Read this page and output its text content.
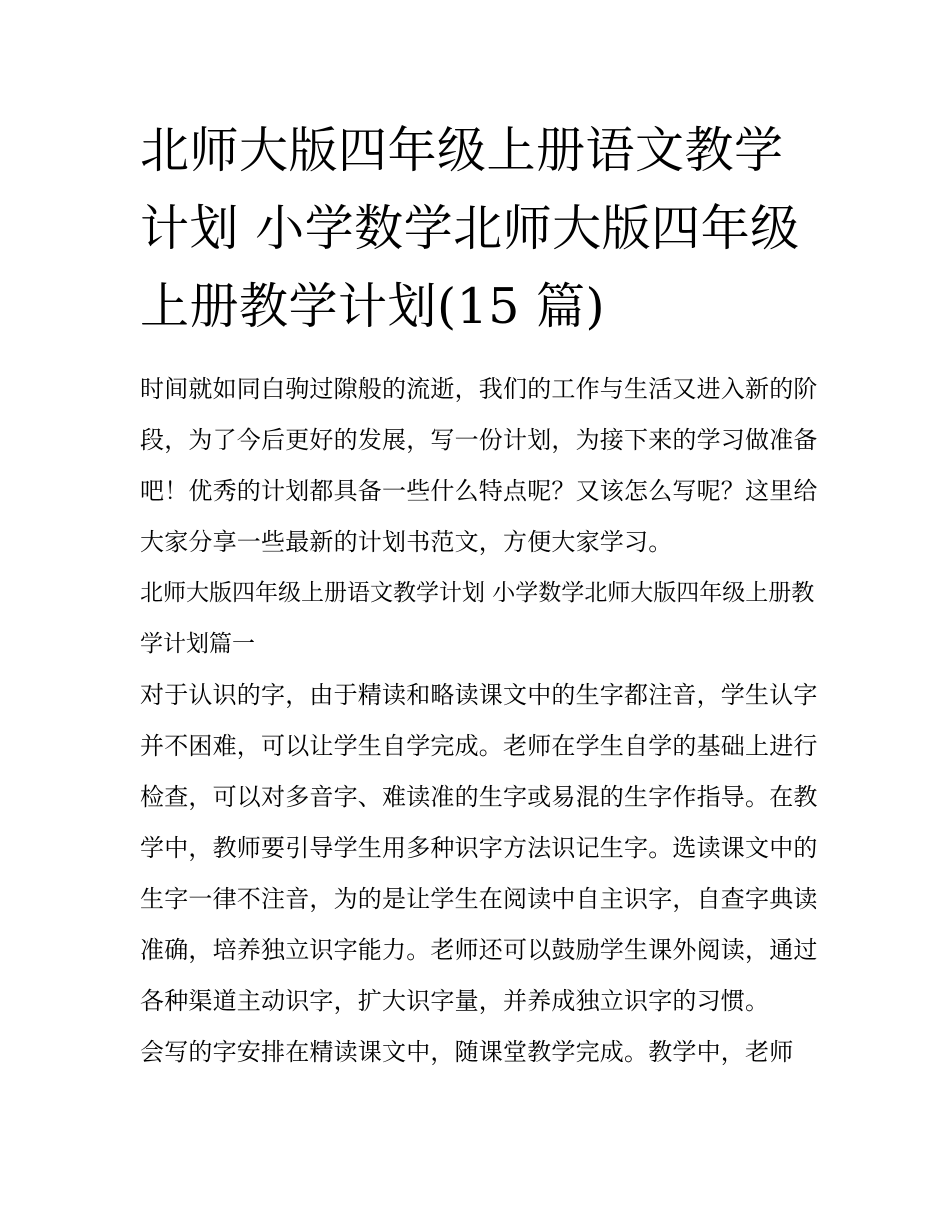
北师大版四年级上册语文教学计划 小学数学北师大版四年级上册教学计划(15 篇)

时间就如同白驹过隙般的流逝，我们的工作与生活又进入新的阶段，为了今后更好的发展，写一份计划，为接下来的学习做准备吧！优秀的计划都具备一些什么特点呢？又该怎么写呢？这里给大家分享一些最新的计划书范文，方便大家学习。

北师大版四年级上册语文教学计划 小学数学北师大版四年级上册教学计划篇一

对于认识的字，由于精读和略读课文中的生字都注音，学生认字并不困难，可以让学生自学完成。老师在学生自学的基础上进行检查，可以对多音字、难读准的生字或易混的生字作指导。在教学中，教师要引导学生用多种识字方法识记生字。选读课文中的生字一律不注音，为的是让学生在阅读中自主识字，自查字典读准确，培养独立识字能力。老师还可以鼓励学生课外阅读，通过各种渠道主动识字，扩大识字量，并养成独立识字的习惯。

会写的字安排在精读课文中，随课堂教学完成。教学中，老师
